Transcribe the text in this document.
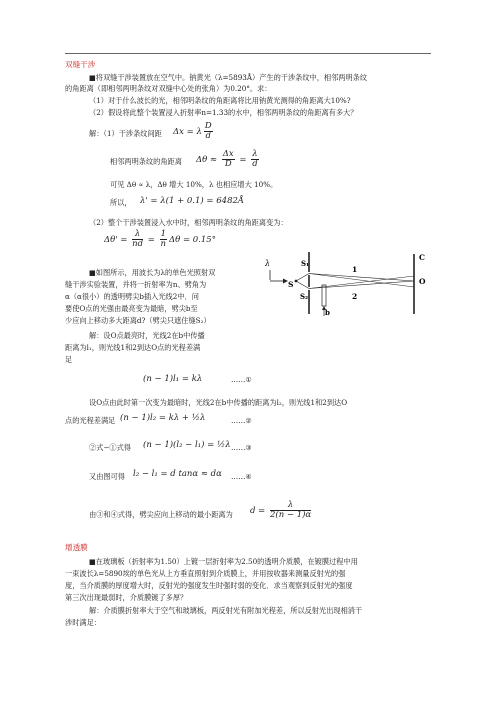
双缝干涉
■将双缝干涉装置放在空气中。钠黄光（λ=5893Å）产生的干涉条纹中，相邻两明条纹
的角距离（即相邻两明条纹对双缝中心处的张角）为0.20°。求：
（1）对于什么波长的光，相邻明条纹的角距离将比用钠黄光测得的角距离大10%?
（2）假设将此整个装置浸入折射率n=1.33的水中，相邻两明条纹的角距离有多大？
解：（1）干涉条纹间距 Δx = λ $\frac{D}{d}$
相邻两明条纹的角距离 $\Delta\theta \approx \frac{\Delta x}{D} = \frac{\lambda}{d}$
可见 Δθ ∝ λ，Δθ 增大 10%，λ 也相应增大 10%。
所以， λ' = λ(1 + 0.1) = 6482Å
（2）整个干涉装置浸入水中时，相邻两明条纹的角距离变为：
$\Delta\theta' = \frac{\lambda}{nd} = \frac{1}{n}$ Δθ = 0.15°
■如图所示，用波长为λ的单色光照射双
缝干涉实验装置，并将一折射率为n、劈角为
α（α很小）的透明劈尖b插入光线2中．问
要使O点的光强由最亮变为最暗，劈尖b至
少应向上移动多大距离d?（劈尖只遮住缝S₂）
解：设O点最亮时，光线2在b中传播
距离为l₁，则光线1和2到达O点的光程差满
足
λ
S
S₁
S₂
b
1
2
C
O
(n − 1)l₁ = kλ	……①
设O点由此时第一次变为最暗时，光线2在b中传播的距离为l₂，则光线1和2到达O
点的光程差满足 (n − 1)l₂ = kλ + ½λ	……②
②式−①式得 (n − 1)(l₂ − l₁) = ½λ ……③
又由图可得 l₂ − l₁ = d tanα ≈ dα ……④
由③和④式得，劈尖应向上移动的最小距离为 $d = \frac{\lambda}{2(n - 1)\alpha}$
增透膜
■在玻璃板（折射率为1.50）上镀一层折射率为2.50的透明介质膜，在镀膜过程中用
一束波长λ=5890埃的单色光从上方垂直照射到介质膜上，并用按收器来测量反射光的强
度，当介质膜的厚度增大时，反射光的强度发生时强时弱的变化．求当观察到反射光的强度
第三次出现最弱时，介质膜镀了多厚？
解：介质膜折射率大于空气和玻璃板，两反射光有附加光程差，所以反射光出现相消干
涉时满足：
